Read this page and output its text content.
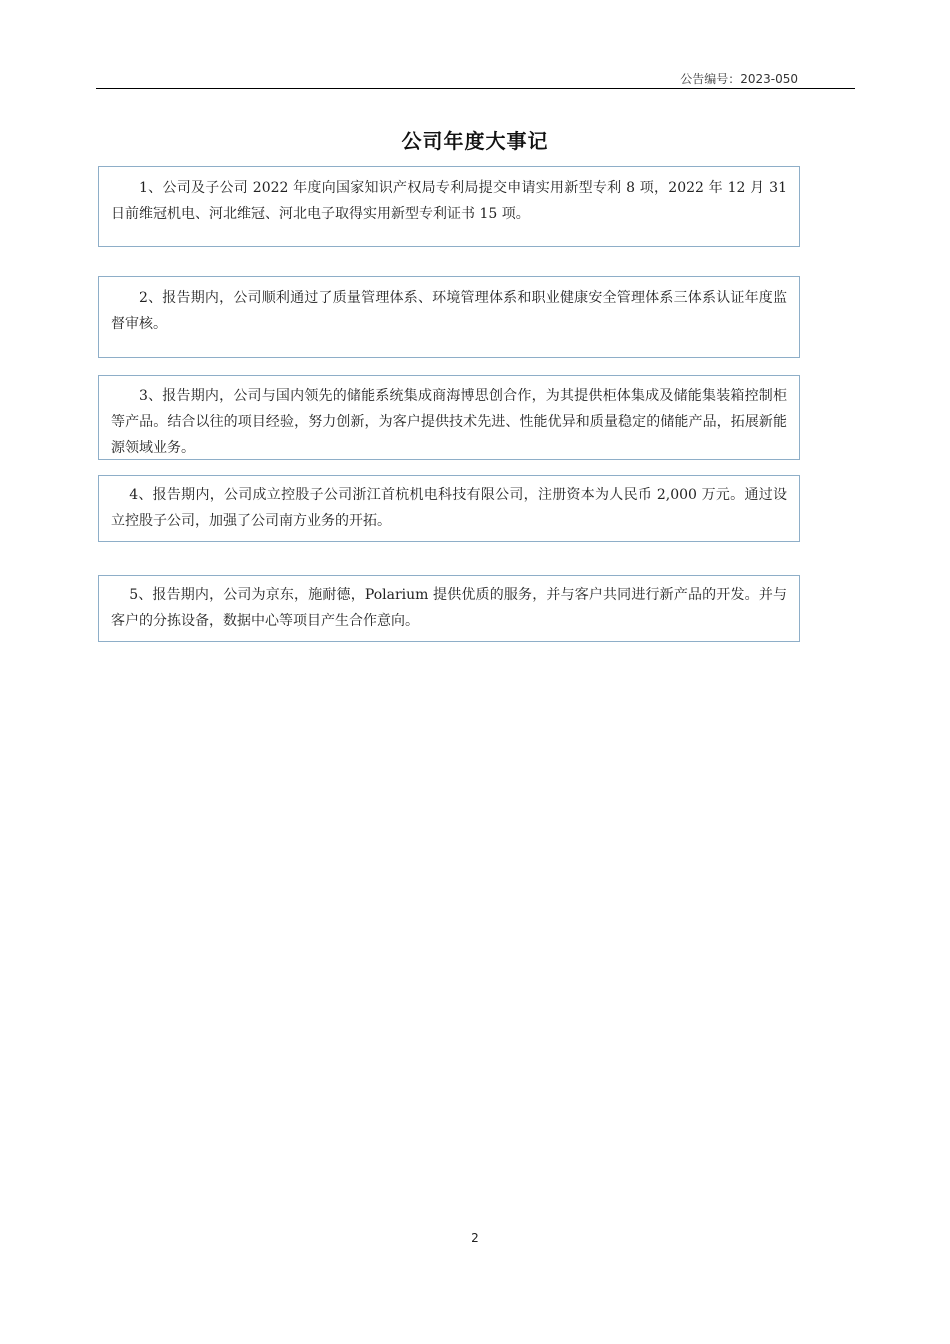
公告编号：2023-050
公司年度大事记
1、公司及子公司 2022 年度向国家知识产权局专利局提交申请实用新型专利 8 项，2022 年 12 月 31 日前维冠机电、河北维冠、河北电子取得实用新型专利证书 15 项。
2、报告期内，公司顺利通过了质量管理体系、环境管理体系和职业健康安全管理体系三体系认证年度监督审核。
3、报告期内，公司与国内领先的储能系统集成商海博思创合作，为其提供柜体集成及储能集装箱控制柜等产品。结合以往的项目经验，努力创新，为客户提供技术先进、性能优异和质量稳定的储能产品，拓展新能源领域业务。
4、报告期内，公司成立控股子公司浙江首杭机电科技有限公司，注册资本为人民币 2,000 万元。通过设立控股子公司，加强了公司南方业务的开拓。
5、报告期内，公司为京东，施耐德，Polarium 提供优质的服务，并与客户共同进行新产品的开发。并与客户的分拣设备，数据中心等项目产生合作意向。
2
